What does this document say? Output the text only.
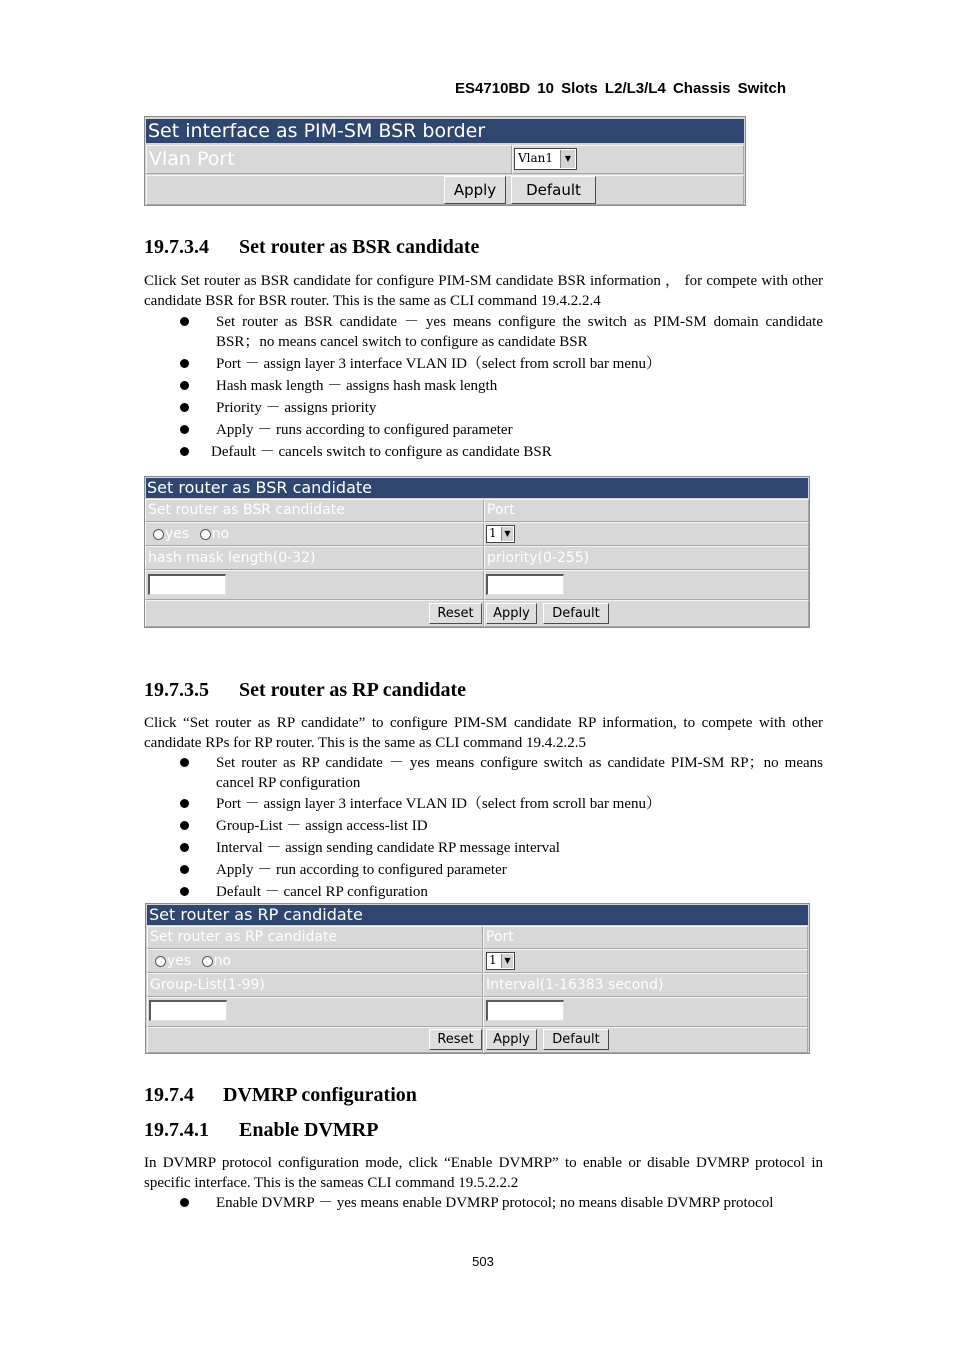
ES4710BD 10 Slots L2/L3/L4 Chassis Switch
Set interface as PIM-SM BSR border
Vlan Port	Vlan1	▼
Apply	Default
19.7.3.4 Set router as BSR candidate
Click Set router as BSR candidate for configure PIM-SM candidate BSR information ， for compete with other candidate BSR for BSR router. This is the same as CLI command 19.4.2.2.4
Set router as BSR candidate － yes means configure the switch as PIM-SM domain candidate BSR；no means cancel switch to configure as candidate BSR
Port － assign layer 3 interface VLAN ID（select from scroll bar menu）
Hash mask length － assigns hash mask length
Priority － assigns priority
Apply － runs according to configured parameter
Default － cancels switch to configure as candidate BSR
Set router as BSR candidate
Set router as BSR candidate	Port
yes no	1 ▼
hash mask length(0-32)	priority(0-255)
Reset	Apply	Default
19.7.3.5 Set router as RP candidate
Click “Set router as RP candidate” to configure PIM-SM candidate RP information, to compete with other candidate RPs for RP router. This is the same as CLI command 19.4.2.2.5
Set router as RP candidate － yes means configure switch as candidate PIM-SM RP；no means cancel RP configuration
Port － assign layer 3 interface VLAN ID（select from scroll bar menu）
Group-List － assign access-list ID
Interval － assign sending candidate RP message interval
Apply － run according to configured parameter
Default － cancel RP configuration
Set router as RP candidate
Set router as RP candidate	Port
yes no	1 ▼
Group-List(1-99)	Interval(1-16383 second)
Reset	Apply	Default
19.7.4 DVMRP configuration
19.7.4.1 Enable DVMRP
In DVMRP protocol configuration mode, click “Enable DVMRP” to enable or disable DVMRP protocol in specific interface. This is the sameas CLI command 19.5.2.2.2
Enable DVMRP － yes means enable DVMRP protocol; no means disable DVMRP protocol
503
